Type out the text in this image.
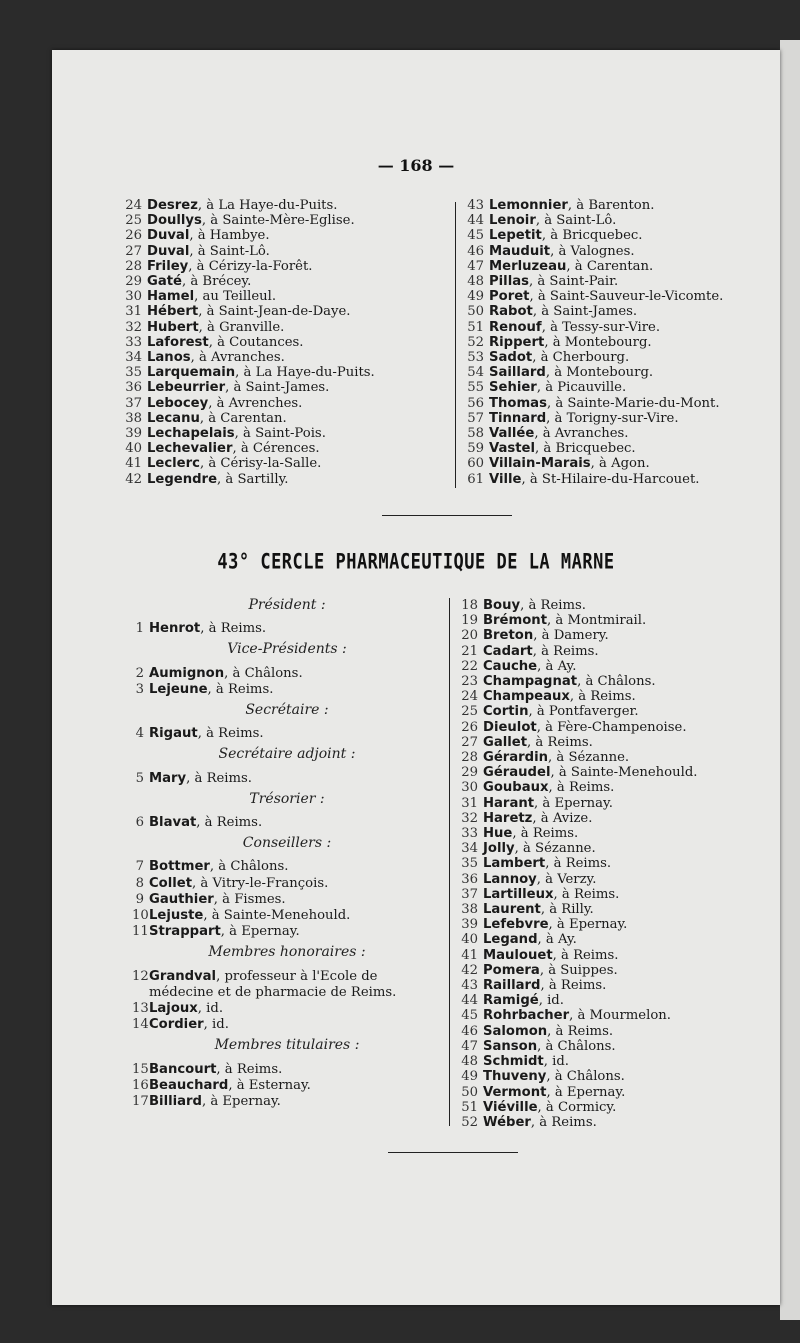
— 168 —
24 Desrez, à La Haye-du-Puits.
25 Doullys, à Sainte-Mère-Eglise.
26 Duval, à Hambye.
27 Duval, à Saint-Lô.
28 Friley, à Cérizy-la-Forêt.
29 Gaté, à Brécey.
30 Hamel, au Teilleul.
31 Hébert, à Saint-Jean-de-Daye.
32 Hubert, à Granville.
33 Laforest, à Coutances.
34 Lanos, à Avranches.
35 Larquemain, à La Haye-du-Puits.
36 Lebeurrier, à Saint-James.
37 Lebocey, à Avrenches.
38 Lecanu, à Carentan.
39 Lechapelais, à Saint-Pois.
40 Lechevalier, à Cérences.
41 Leclerc, à Cérisy-la-Salle.
42 Legendre, à Sartilly.
43 Lemonnier, à Barenton.
44 Lenoir, à Saint-Lô.
45 Lepetit, à Bricquebec.
46 Mauduit, à Valognes.
47 Merluzeau, à Carentan.
48 Pillas, à Saint-Pair.
49 Poret, à Saint-Sauveur-le-Vicomte.
50 Rabot, à Saint-James.
51 Renouf, à Tessy-sur-Vire.
52 Rippert, à Montebourg.
53 Sadot, à Cherbourg.
54 Saillard, à Montebourg.
55 Sehier, à Picauville.
56 Thomas, à Sainte-Marie-du-Mont.
57 Tinnard, à Torigny-sur-Vire.
58 Vallée, à Avranches.
59 Vastel, à Bricquebec.
60 Villain-Marais, à Agon.
61 Ville, à St-Hilaire-du-Harcouet.
43° CERCLE PHARMACEUTIQUE DE LA MARNE
Président :
1 Henrot, à Reims.
Vice-Présidents :
2 Aumignon, à Châlons.
3 Lejeune, à Reims.
Secrétaire :
4 Rigaut, à Reims.
Secrétaire adjoint :
5 Mary, à Reims.
Trésorier :
6 Blavat, à Reims.
Conseillers :
7 Bottmer, à Châlons.
8 Collet, à Vitry-le-François.
9 Gauthier, à Fismes.
10Lejuste, à Sainte-Menehould.
11Strappart, à Epernay.
Membres honoraires :
12Grandval, professeur à l'Ecole de
médecine et de pharmacie de Reims.
13Lajoux, id.
14Cordier, id.
Membres titulaires :
15Bancourt, à Reims.
16Beauchard, à Esternay.
17Billiard, à Epernay.
18 Bouy, à Reims.
19 Brémont, à Montmirail.
20 Breton, à Damery.
21 Cadart, à Reims.
22 Cauche, à Ay.
23 Champagnat, à Châlons.
24 Champeaux, à Reims.
25 Cortin, à Pontfaverger.
26 Dieulot, à Fère-Champenoise.
27 Gallet, à Reims.
28 Gérardin, à Sézanne.
29 Géraudel, à Sainte-Menehould.
30 Goubaux, à Reims.
31 Harant, à Epernay.
32 Haretz, à Avize.
33 Hue, à Reims.
34 Jolly, à Sézanne.
35 Lambert, à Reims.
36 Lannoy, à Verzy.
37 Lartilleux, à Reims.
38 Laurent, à Rilly.
39 Lefebvre, à Epernay.
40 Legand, à Ay.
41 Maulouet, à Reims.
42 Pomera, à Suippes.
43 Raillard, à Reims.
44 Ramigé, id.
45 Rohrbacher, à Mourmelon.
46 Salomon, à Reims.
47 Sanson, à Châlons.
48 Schmidt, id.
49 Thuveny, à Châlons.
50 Vermont, à Epernay.
51 Viéville, à Cormicy.
52 Wéber, à Reims.
